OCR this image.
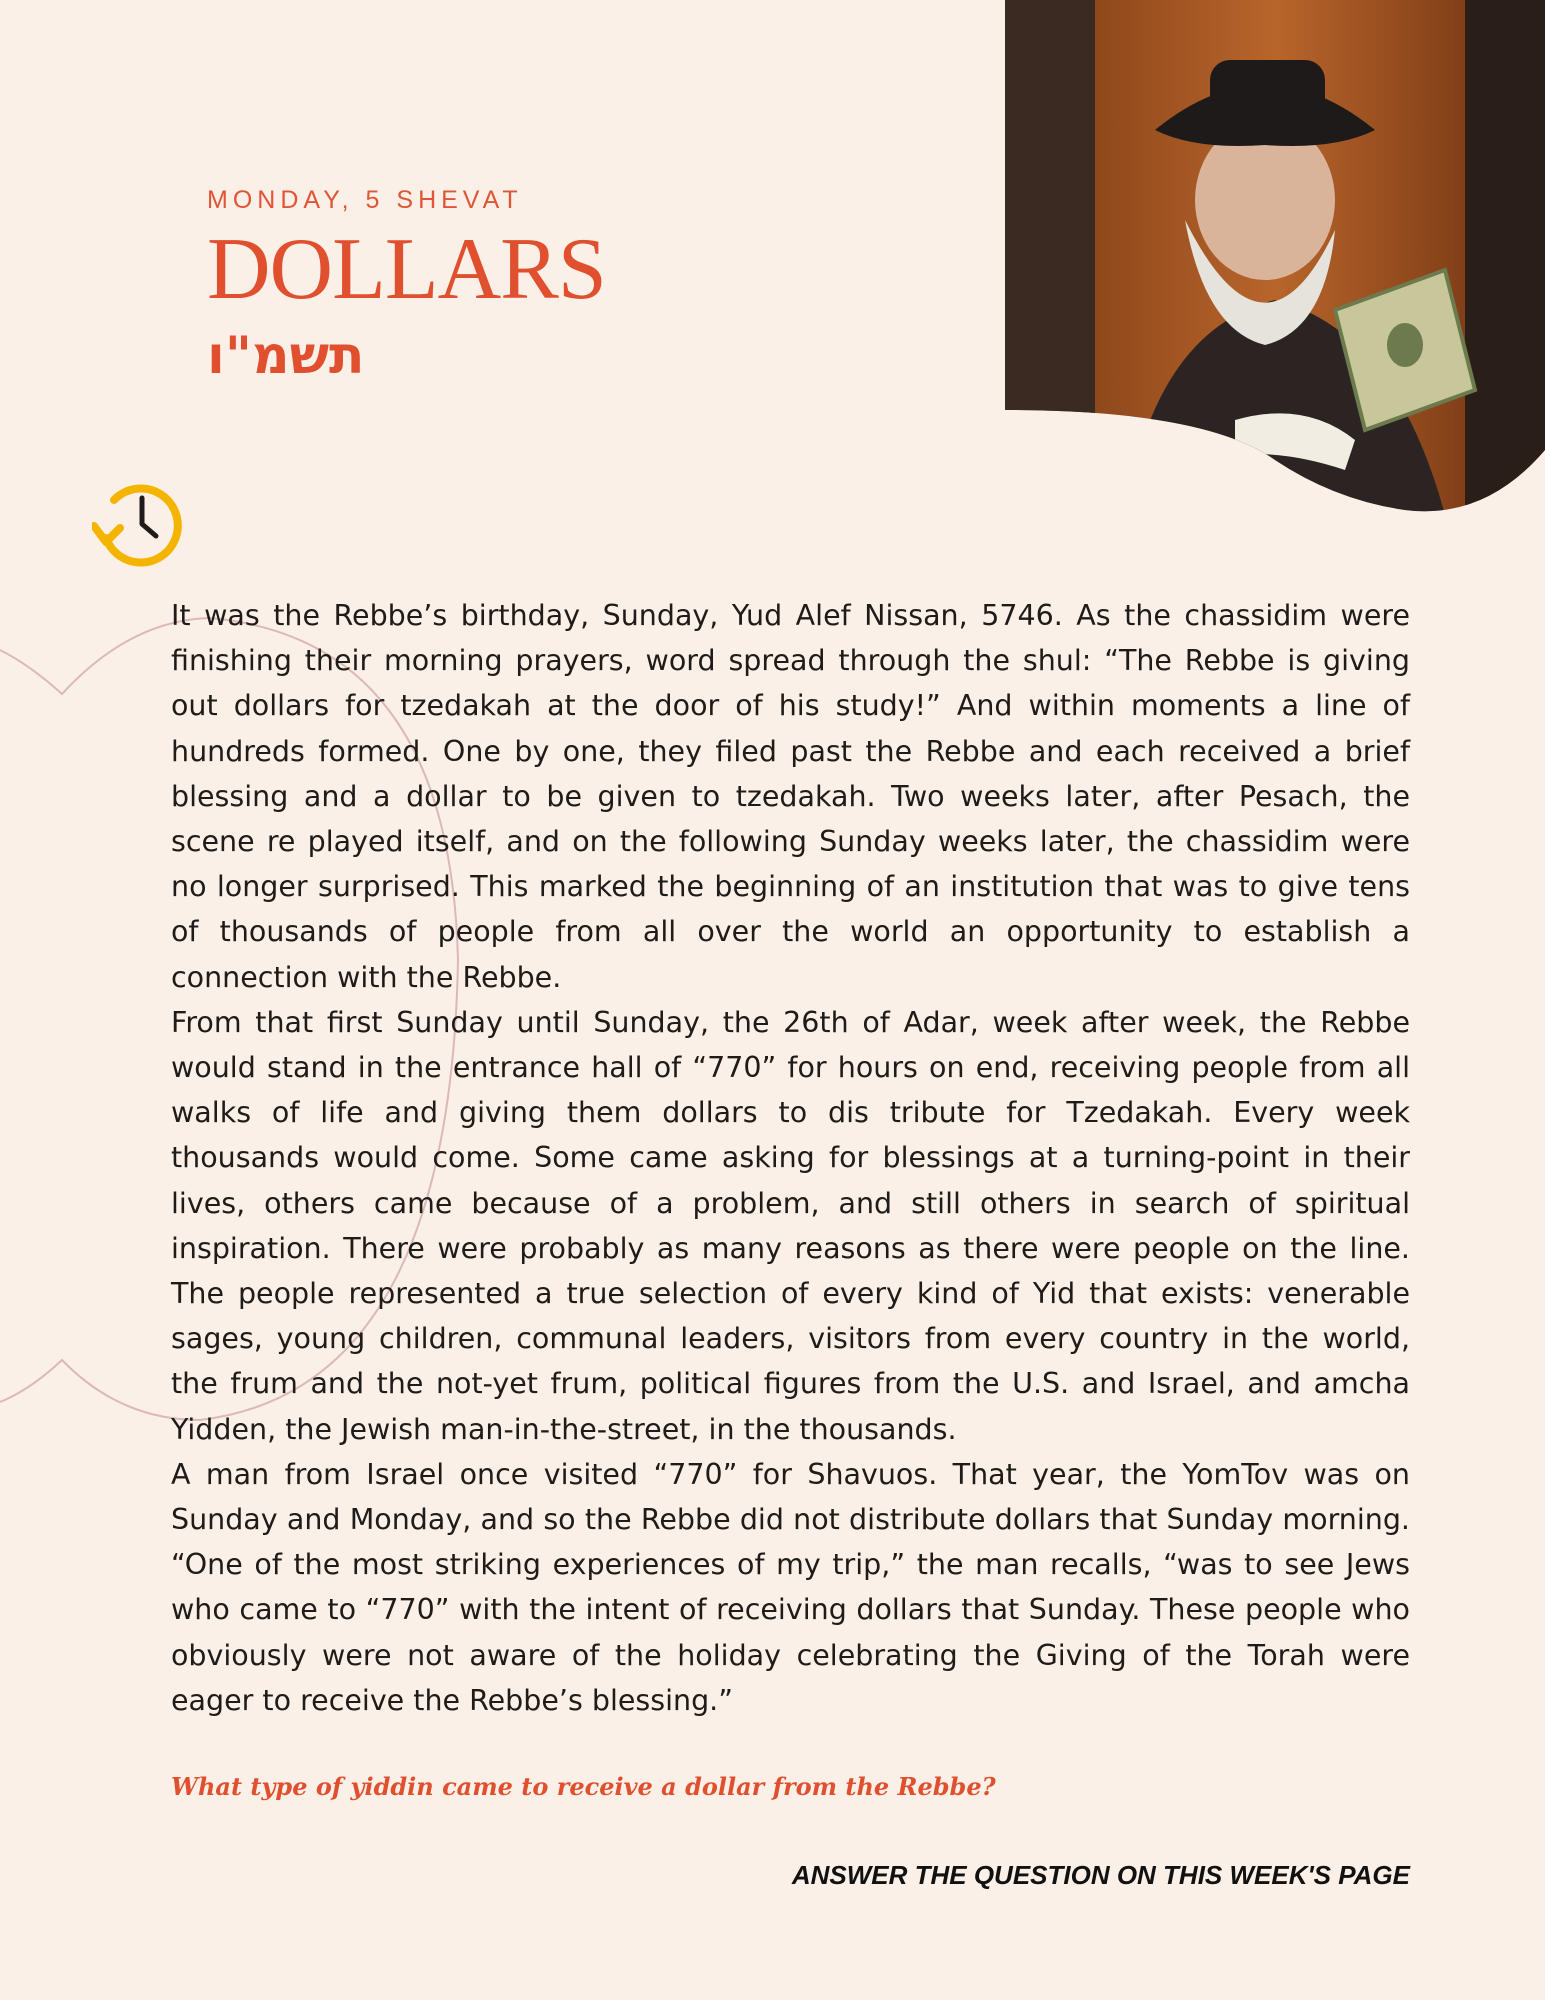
MONDAY, 5 SHEVAT
DOLLARS
תשמ"ו

It was the Rebbe’s birthday, Sunday, Yud Alef Nissan, 5746. As the chassidim were finishing their morning prayers, word spread through the shul: “The Rebbe is giving out dollars for tzedakah at the door of his study!” And within moments a line of hundreds formed. One by one, they filed past the Rebbe and each received a brief blessing and a dollar to be given to tzedakah. Two weeks later, after Pesach, the scene re played itself, and on the following Sunday weeks later, the chassidim were no longer surprised. This marked the beginning of an institution that was to give tens of thousands of people from all over the world an opportunity to establish a connection with the Rebbe.

From that first Sunday until Sunday, the 26th of Adar, week after week, the Rebbe would stand in the entrance hall of “770” for hours on end, receiving people from all walks of life and giving them dollars to dis tribute for Tzedakah. Every week thousands would come. Some came asking for blessings at a turning-point in their lives, others came because of a problem, and still others in search of spiritual inspiration. There were probably as many reasons as there were people on the line. The people represented a true selection of every kind of Yid that exists: venerable sages, young children, communal leaders, visitors from every country in the world, the frum and the not-yet frum, political figures from the U.S. and Israel, and amcha Yidden, the Jewish man-in-the-street, in the thousands.

A man from Israel once visited “770” for Shavuos. That year, the YomTov was on Sunday and Monday, and so the Rebbe did not distribute dollars that Sunday morning. “One of the most striking experiences of my trip,” the man recalls, “was to see Jews who came to “770” with the intent of receiving dollars that Sunday. These people who obviously were not aware of the holiday celebrating the Giving of the Torah were eager to receive the Rebbe’s blessing.”

What type of yiddin came to receive a dollar from the Rebbe?
ANSWER THE QUESTION ON THIS WEEK'S PAGE
